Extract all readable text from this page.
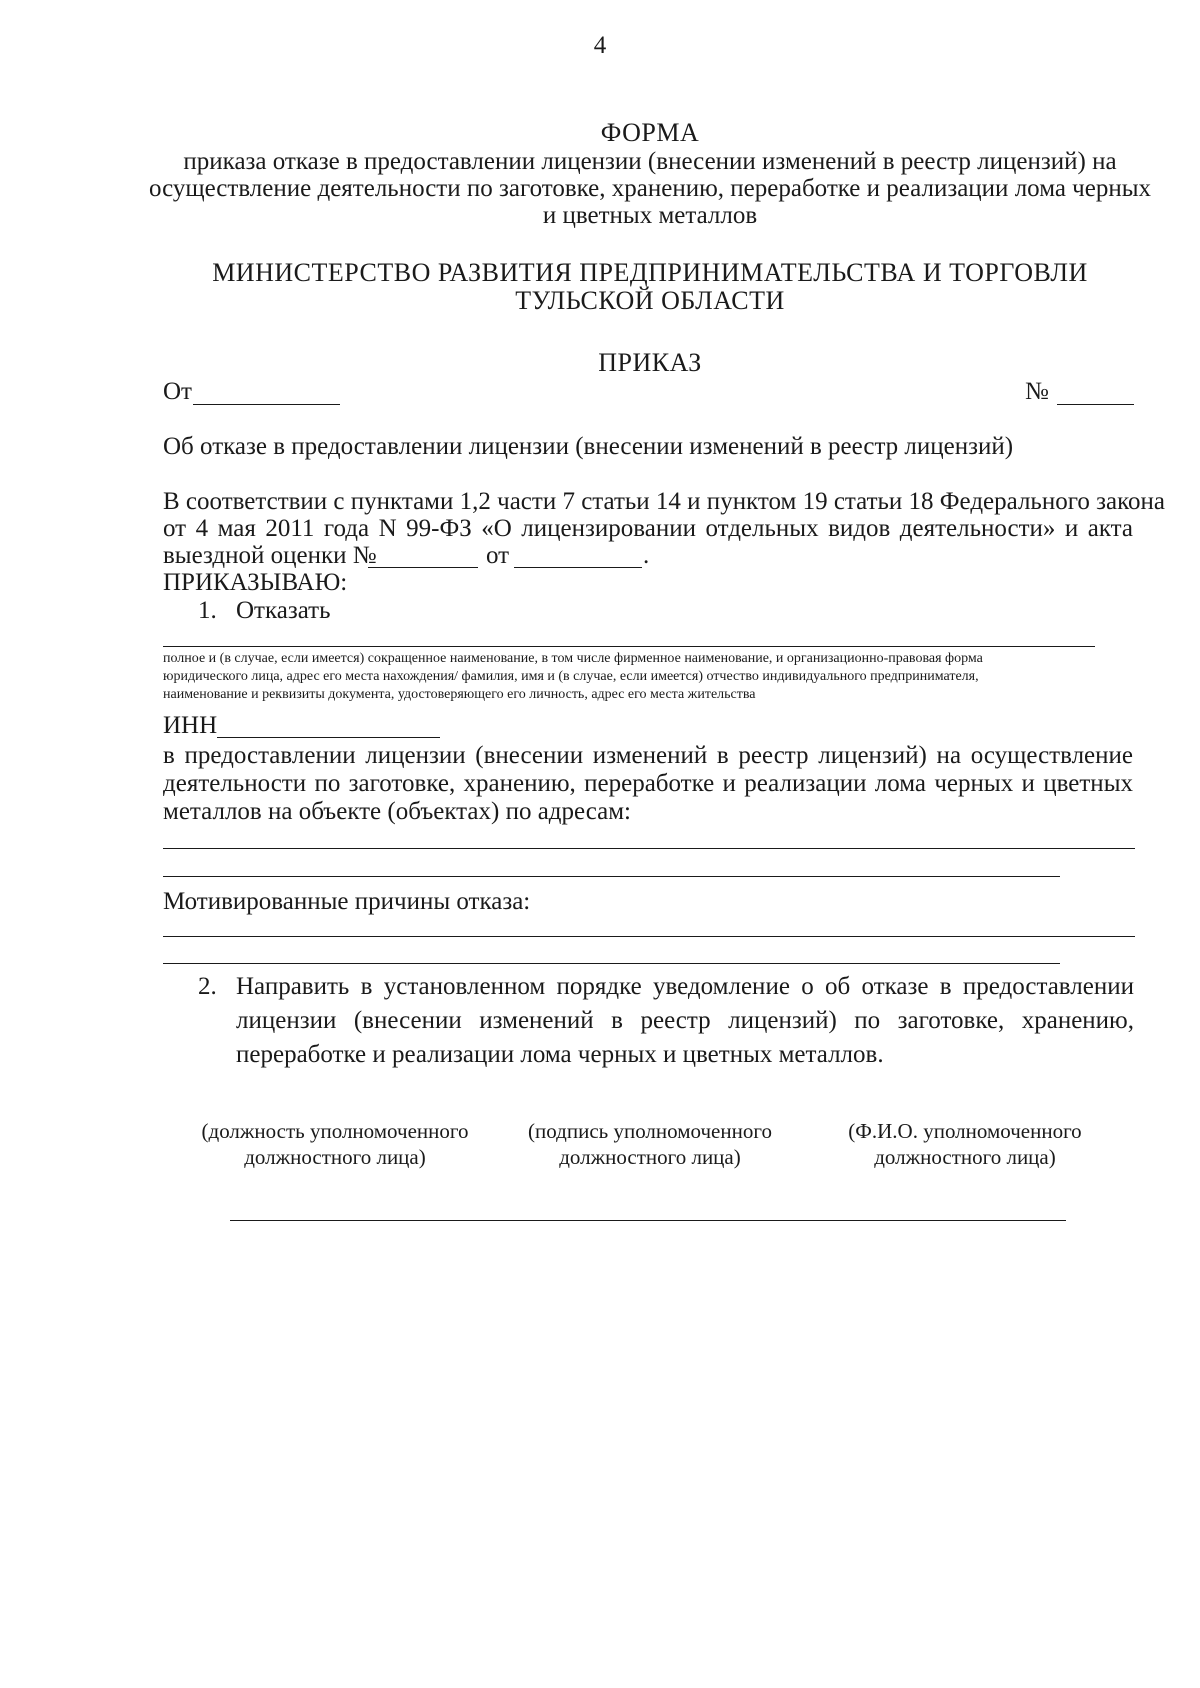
4
ФОРМА
приказа отказе в предоставлении лицензии (внесении изменений в реестр лицензий) на
осуществление деятельности по заготовке, хранению, переработке и реализации лома черных
и цветных металлов
МИНИСТЕРСТВО РАЗВИТИЯ ПРЕДПРИНИМАТЕЛЬСТВА И ТОРГОВЛИ
ТУЛЬСКОЙ ОБЛАСТИ
ПРИКАЗ
От	№
Об отказе в предоставлении лицензии (внесении изменений в реестр лицензий)
В соответствии с пунктами 1,2 части 7 статьи 14 и пунктом 19 статьи 18 Федерального закона
от 4 мая 2011 года N 99-ФЗ «О лицензировании отдельных видов деятельности» и акта
выездной оценки №	от	.
ПРИКАЗЫВАЮ:
1. Отказать
полное и (в случае, если имеется) сокращенное наименование, в том числе фирменное наименование, и организационно-правовая форма
юридического лица, адрес его места нахождения/ фамилия, имя и (в случае, если имеется) отчество индивидуального предпринимателя,
наименование и реквизиты документа, удостоверяющего его личность, адрес его места жительства
ИНН
в предоставлении лицензии (внесении изменений в реестр лицензий) на осуществление
деятельности по заготовке, хранению, переработке и реализации лома черных и цветных
металлов на объекте (объектах) по адресам:
Мотивированные причины отказа:
2. Направить в установленном порядке уведомление о об отказе в предоставлении
лицензии (внесении изменений в реестр лицензий) по заготовке, хранению,
переработке и реализации лома черных и цветных металлов.
(должность уполномоченного
должностного лица)
(подпись уполномоченного
должностного лица)
(Ф.И.О. уполномоченного
должностного лица)
